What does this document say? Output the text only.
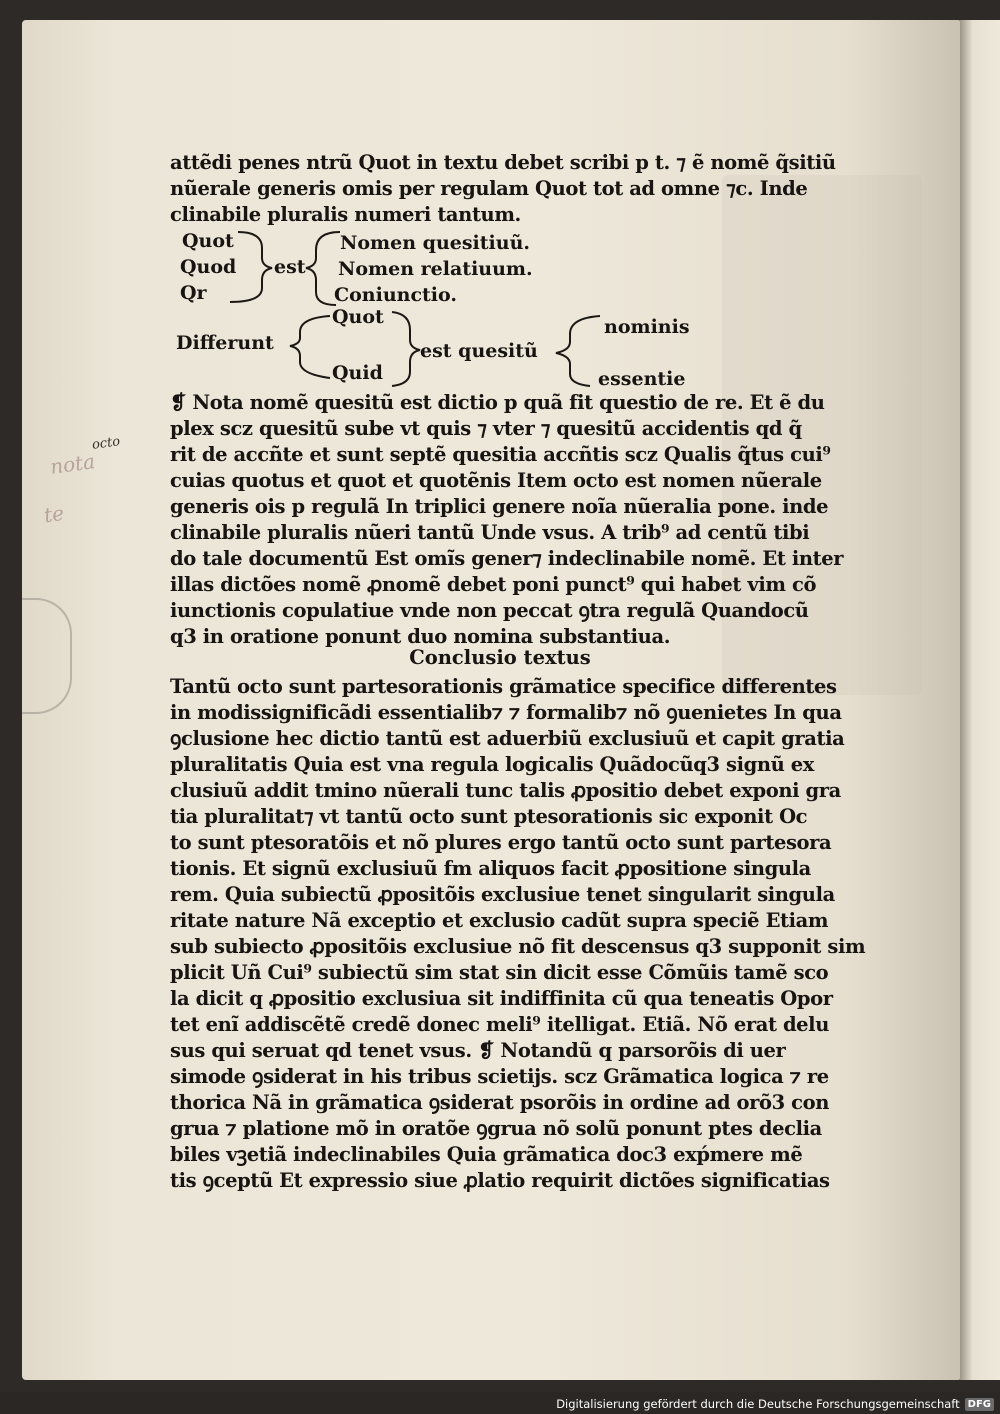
octo
nota
te
attẽdi penes ntrũ Quot in textu debet scribi p t. ⁊ ẽ nomẽ q̃sitiũ
nũerale generis omis per regulam Quot tot ad omne ⁊c. Inde
clinabile pluralis numeri tantum.
Quot
Quod
Qr
est
Nomen quesitiuũ.
Nomen relatiuum.
Coniunctio.
Differunt
Quot
Quid
est quesitũ
nominis
essentie
❡ Nota nomẽ quesitũ est dictio p quã fit questio de re. Et ẽ du
plex scz quesitũ sube vt quis ⁊ vter ⁊ quesitũ accidentis qd q̃
rit de accñte et sunt septẽ quesitia accñtis scz Qualis q̃tus cui⁹
cuias quotus et quot et quotẽnis Item octo est nomen nũerale
generis ois p regulã In triplici genere noĩa nũeralia pone. inde
clinabile pluralis nũeri tantũ Unde vsus. A trib⁹ ad centũ tibi
do tale documentũ Est omĩs gener⁊ indeclinabile nomẽ. Et inter
illas dictões nomẽ ꝓnomẽ debet poni punct⁹ qui habet vim cõ
iunctionis copulatiue vnde non peccat ꝯtra regulã Quandocũ
q3 in oratione ponunt duo nomina substantiua.
Conclusio textus
Tantũ octo sunt partesorationis grãmatice specifice differentes
in modissignificãdi essentialib⁊ ⁊ formalib⁊ nõ ꝯuenietes In qua
ꝯclusione hec dictio tantũ est aduerbiũ exclusiuũ et capit gratia
pluralitatis Quia est vna regula logicalis Quãdocũq3 signũ ex
clusiuũ addit tmino nũerali tunc talis ꝓpositio debet exponi gra
tia pluralitat⁊ vt tantũ octo sunt ptesorationis sic exponit Oc
to sunt ptesoratõis et nõ plures ergo tantũ octo sunt partesora
tionis. Et signũ exclusiuũ fm aliquos facit ꝓpositione singula
rem. Quia subiectũ ꝓpositõis exclusiue tenet singularit singula
ritate nature Nã exceptio et exclusio cadũt supra speciẽ Etiam
sub subiecto ꝓpositõis exclusiue nõ fit descensus q3 supponit sim
plicit Uñ Cui⁹ subiectũ sim stat sin dicit esse Cõmũis tamẽ sco
la dicit q ꝓpositio exclusiua sit indiffinita cũ qua teneatis Opor
tet enĩ addiscẽtẽ credẽ donec meli⁹ itelligat. Etiã. Nõ erat delu
sus qui seruat qd tenet vsus. ❡ Notandũ q parsorõis di uer
simode ꝯsiderat in his tribus scietijs. scz Grãmatica logica ⁊ re
thorica Nã in grãmatica ꝯsiderat psorõis in ordine ad orõ3 con
grua ⁊ platione mõ in oratõe ꝯgrua nõ solũ ponunt ptes declia
biles vꝫetiã indeclinabiles Quia grãmatica doc3 exṕmere mẽ
tis ꝯceptũ Et expressio siue ꝓlatio requirit dictões significatias
Digitalisierung gefördert durch die Deutsche Forschungsgemeinschaft DFG
